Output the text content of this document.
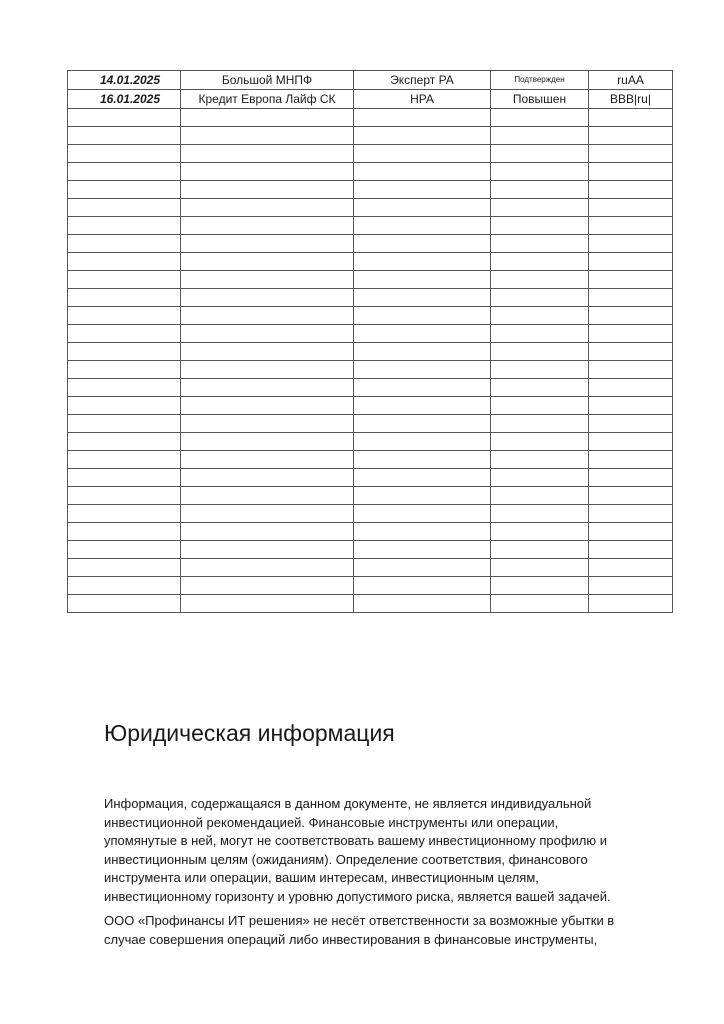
14.01.2025	Большой МНПФ	Эксперт РА	Подтвержден	ruAA
16.01.2025	Кредит Европа Лайф СК	НРА	Повышен	BBB|ru|

Юридическая информация

Информация, содержащаяся в данном документе, не является индивидуальной инвестиционной рекомендацией. Финансовые инструменты или операции, упомянутые в ней, могут не соответствовать вашему инвестиционному профилю и инвестиционным целям (ожиданиям). Определение соответствия, финансового инструмента или операции, вашим интересам, инвестиционным целям, инвестиционному горизонту и уровню допустимого риска, является вашей задачей.

ООО «Профинансы ИТ решения» не несёт ответственности за возможные убытки в случае совершения операций либо инвестирования в финансовые инструменты,
